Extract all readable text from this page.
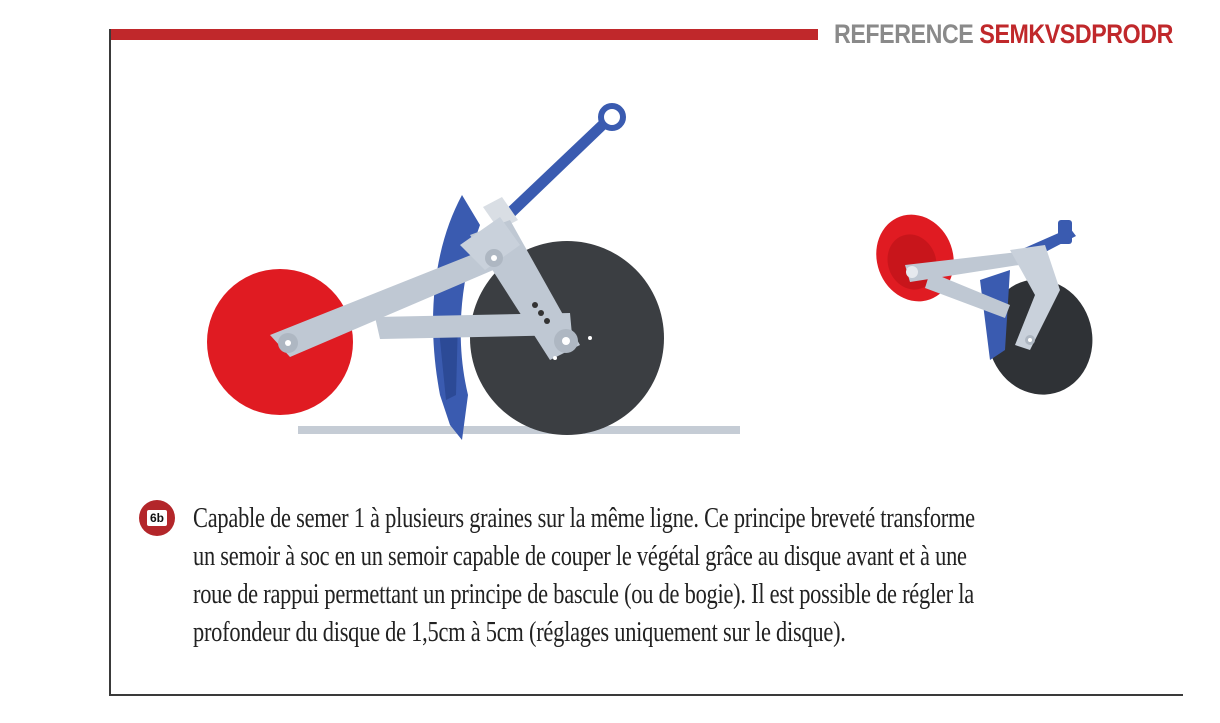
REFERENCE SEMKVSDPRODR
6b Capable de semer 1 à plusieurs graines sur la même ligne. Ce principe breveté transforme
un semoir à soc en un semoir capable de couper le végétal grâce au disque avant et à une
roue de rappui permettant un principe de bascule (ou de bogie). Il est possible de régler la
profondeur du disque de 1,5cm à 5cm (réglages uniquement sur le disque).
